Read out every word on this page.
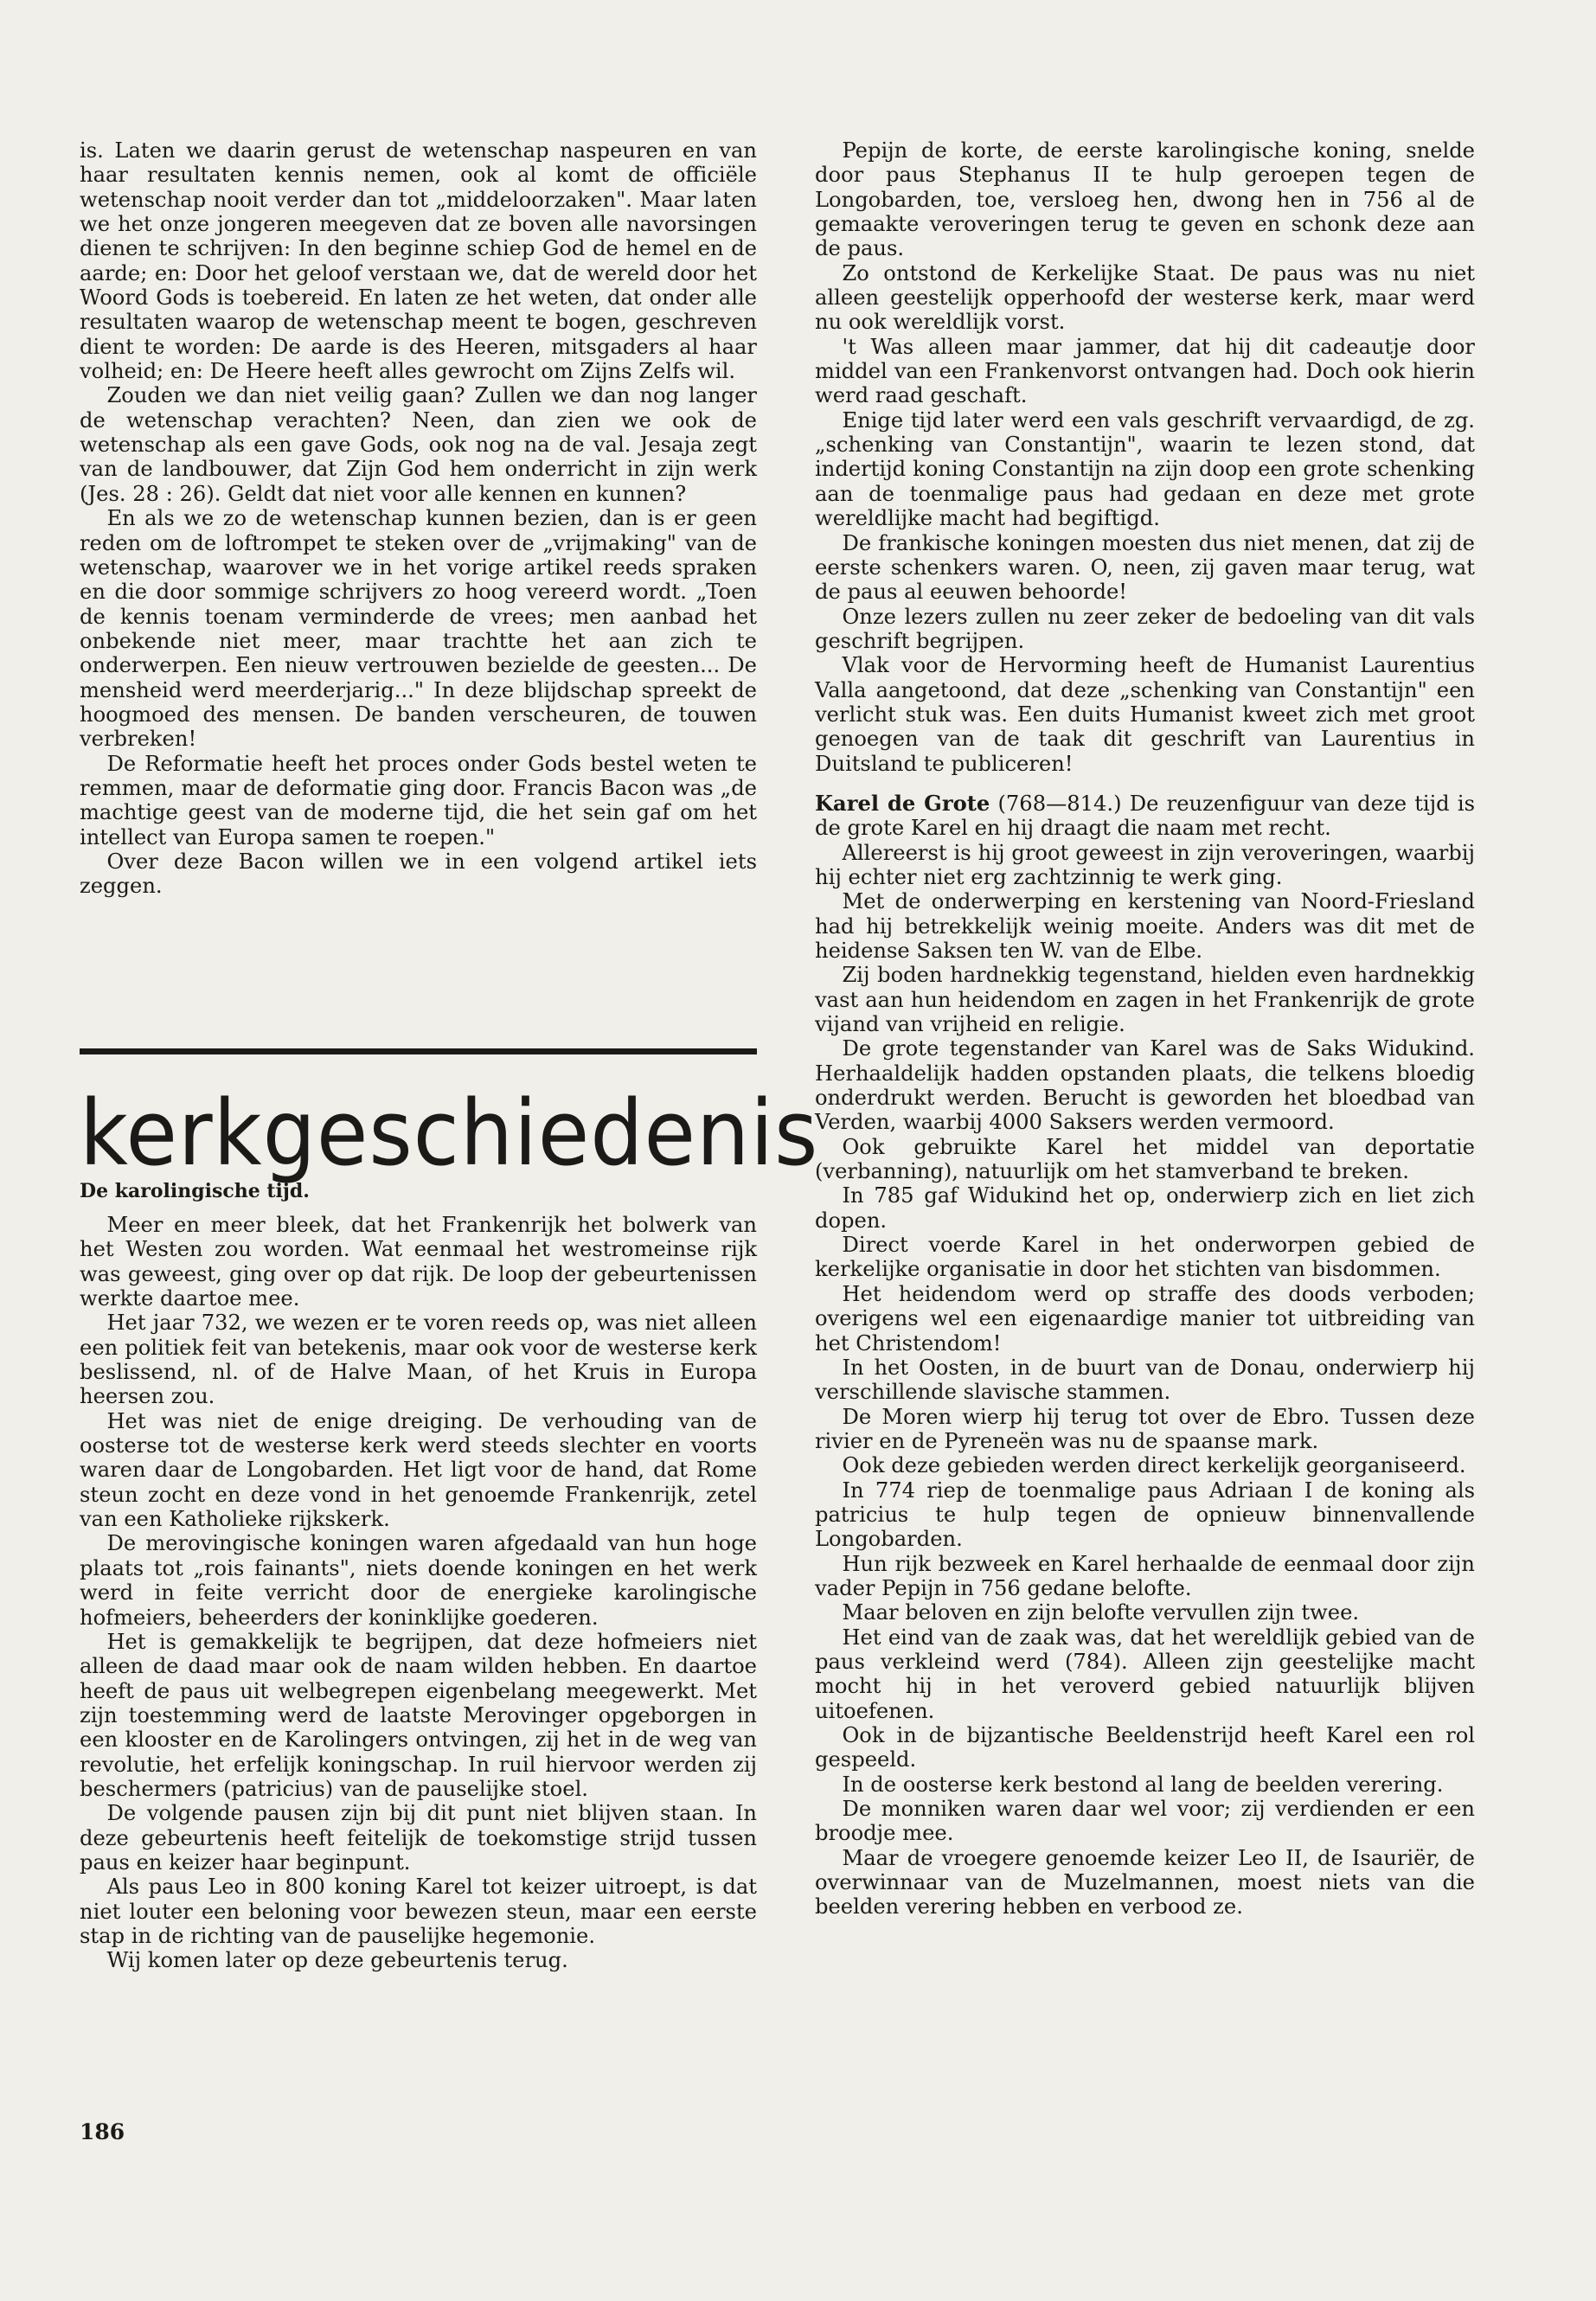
is. Laten we daarin gerust de wetenschap naspeuren en van haar resultaten kennis nemen, ook al komt de officiële wetenschap nooit verder dan tot „middeloorzaken". Maar laten we het onze jongeren meegeven dat ze boven alle navorsingen dienen te schrijven: In den beginne schiep God de hemel en de aarde; en: Door het geloof verstaan we, dat de wereld door het Woord Gods is toebereid. En laten ze het weten, dat onder alle resultaten waarop de wetenschap meent te bogen, geschreven dient te worden: De aarde is des Heeren, mitsgaders al haar volheid; en: De Heere heeft alles gewrocht om Zijns Zelfs wil.

Zouden we dan niet veilig gaan? Zullen we dan nog langer de wetenschap verachten? Neen, dan zien we ook de wetenschap als een gave Gods, ook nog na de val. Jesaja zegt van de landbouwer, dat Zijn God hem onderricht in zijn werk (Jes. 28 : 26). Geldt dat niet voor alle kennen en kunnen?

En als we zo de wetenschap kunnen bezien, dan is er geen reden om de loftrompet te steken over de „vrijmaking" van de wetenschap, waarover we in het vorige artikel reeds spraken en die door sommige schrijvers zo hoog vereerd wordt. „Toen de kennis toenam verminderde de vrees; men aanbad het onbekende niet meer, maar trachtte het aan zich te onderwerpen. Een nieuw vertrouwen bezielde de geesten... De mensheid werd meerderjarig..." In deze blijdschap spreekt de hoogmoed des mensen. De banden verscheuren, de touwen verbreken!

De Reformatie heeft het proces onder Gods bestel weten te remmen, maar de deformatie ging door. Francis Bacon was „de machtige geest van de moderne tijd, die het sein gaf om het intellect van Europa samen te roepen."

Over deze Bacon willen we in een volgend artikel iets zeggen.

kerkgeschiedenis
De karolingische tijd.

Meer en meer bleek, dat het Frankenrijk het bolwerk van het Westen zou worden. Wat eenmaal het westromeinse rijk was geweest, ging over op dat rijk. De loop der gebeurtenissen werkte daartoe mee.

Het jaar 732, we wezen er te voren reeds op, was niet alleen een politiek feit van betekenis, maar ook voor de westerse kerk beslissend, nl. of de Halve Maan, of het Kruis in Europa heersen zou.

Het was niet de enige dreiging. De verhouding van de oosterse tot de westerse kerk werd steeds slechter en voorts waren daar de Longobarden. Het ligt voor de hand, dat Rome steun zocht en deze vond in het genoemde Frankenrijk, zetel van een Katholieke rijkskerk.

De merovingische koningen waren afgedaald van hun hoge plaats tot „rois fainants", niets doende koningen en het werk werd in feite verricht door de energieke karolingische hofmeiers, beheerders der koninklijke goederen.

Het is gemakkelijk te begrijpen, dat deze hofmeiers niet alleen de daad maar ook de naam wilden hebben. En daartoe heeft de paus uit welbegrepen eigenbelang meegewerkt. Met zijn toestemming werd de laatste Merovinger opgeborgen in een klooster en de Karolingers ontvingen, zij het in de weg van revolutie, het erfelijk koningschap. In ruil hiervoor werden zij beschermers (patricius) van de pauselijke stoel.

De volgende pausen zijn bij dit punt niet blijven staan. In deze gebeurtenis heeft feitelijk de toekomstige strijd tussen paus en keizer haar beginpunt.

Als paus Leo in 800 koning Karel tot keizer uitroept, is dat niet louter een beloning voor bewezen steun, maar een eerste stap in de richting van de pauselijke hegemonie.

Wij komen later op deze gebeurtenis terug.

Pepijn de korte, de eerste karolingische koning, snelde door paus Stephanus II te hulp geroepen tegen de Longobarden, toe, versloeg hen, dwong hen in 756 al de gemaakte veroveringen terug te geven en schonk deze aan de paus.

Zo ontstond de Kerkelijke Staat. De paus was nu niet alleen geestelijk opperhoofd der westerse kerk, maar werd nu ook wereldlijk vorst.

't Was alleen maar jammer, dat hij dit cadeautje door middel van een Frankenvorst ontvangen had. Doch ook hierin werd raad geschaft.

Enige tijd later werd een vals geschrift vervaardigd, de zg. „schenking van Constantijn", waarin te lezen stond, dat indertijd koning Constantijn na zijn doop een grote schenking aan de toenmalige paus had gedaan en deze met grote wereldlijke macht had begiftigd.

De frankische koningen moesten dus niet menen, dat zij de eerste schenkers waren. O, neen, zij gaven maar terug, wat de paus al eeuwen behoorde!

Onze lezers zullen nu zeer zeker de bedoeling van dit vals geschrift begrijpen.

Vlak voor de Hervorming heeft de Humanist Laurentius Valla aangetoond, dat deze „schenking van Constantijn" een verlicht stuk was. Een duits Humanist kweet zich met groot genoegen van de taak dit geschrift van Laurentius in Duitsland te publiceren!

Karel de Grote (768—814.) De reuzenfiguur van deze tijd is de grote Karel en hij draagt die naam met recht.

Allereerst is hij groot geweest in zijn veroveringen, waarbij hij echter niet erg zachtzinnig te werk ging.

Met de onderwerping en kerstening van Noord-Friesland had hij betrekkelijk weinig moeite. Anders was dit met de heidense Saksen ten W. van de Elbe.

Zij boden hardnekkig tegenstand, hielden even hardnekkig vast aan hun heidendom en zagen in het Frankenrijk de grote vijand van vrijheid en religie.

De grote tegenstander van Karel was de Saks Widukind. Herhaaldelijk hadden opstanden plaats, die telkens bloedig onderdrukt werden. Berucht is geworden het bloedbad van Verden, waarbij 4000 Saksers werden vermoord.

Ook gebruikte Karel het middel van deportatie (verbanning), natuurlijk om het stamverband te breken.

In 785 gaf Widukind het op, onderwierp zich en liet zich dopen.

Direct voerde Karel in het onderworpen gebied de kerkelijke organisatie in door het stichten van bisdommen.

Het heidendom werd op straffe des doods verboden; overigens wel een eigenaardige manier tot uitbreiding van het Christendom!

In het Oosten, in de buurt van de Donau, onderwierp hij verschillende slavische stammen.

De Moren wierp hij terug tot over de Ebro. Tussen deze rivier en de Pyreneën was nu de spaanse mark.

Ook deze gebieden werden direct kerkelijk georganiseerd.

In 774 riep de toenmalige paus Adriaan I de koning als patricius te hulp tegen de opnieuw binnenvallende Longobarden.

Hun rijk bezweek en Karel herhaalde de eenmaal door zijn vader Pepijn in 756 gedane belofte.

Maar beloven en zijn belofte vervullen zijn twee.

Het eind van de zaak was, dat het wereldlijk gebied van de paus verkleind werd (784). Alleen zijn geestelijke macht mocht hij in het veroverd gebied natuurlijk blijven uitoefenen.

Ook in de bijzantische Beeldenstrijd heeft Karel een rol gespeeld.

In de oosterse kerk bestond al lang de beelden verering.

De monniken waren daar wel voor; zij verdienden er een broodje mee.

Maar de vroegere genoemde keizer Leo II, de Isauriër, de overwinnaar van de Muzelmannen, moest niets van die beelden verering hebben en verbood ze.

186
